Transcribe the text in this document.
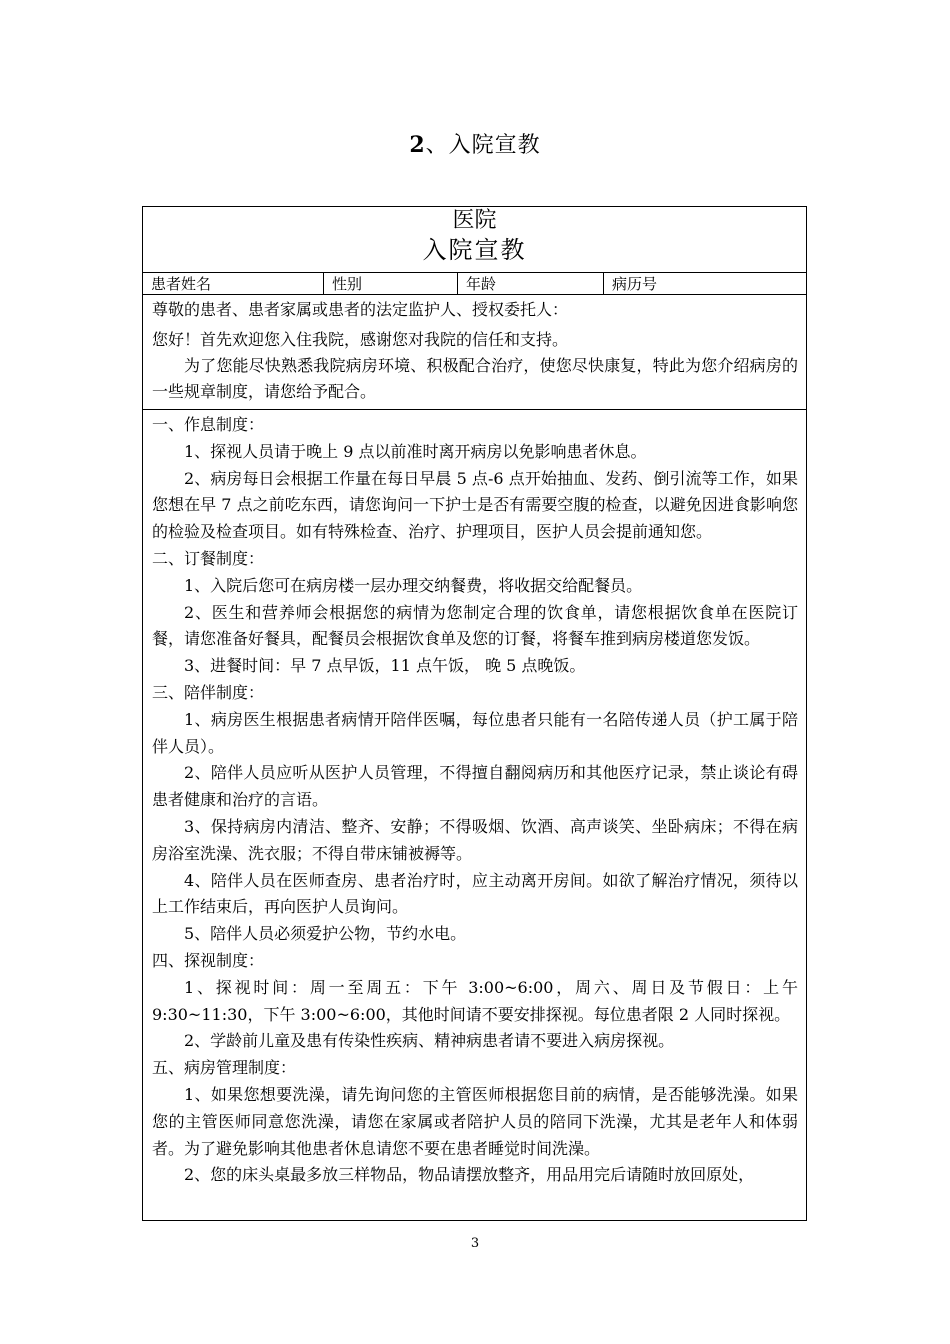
2、入院宣教
医院
入院宣教
患者姓名	性别	年龄	病历号

尊敬的患者、患者家属或患者的法定监护人、授权委托人：

您好！首先欢迎您入住我院，感谢您对我院的信任和支持。

为了您能尽快熟悉我院病房环境、积极配合治疗，使您尽快康复，特此为您介绍病房的一些规章制度，请您给予配合。

一、作息制度：

1、探视人员请于晚上 9 点以前准时离开病房以免影响患者休息。

2、病房每日会根据工作量在每日早晨 5 点-6 点开始抽血、发药、倒引流等工作，如果您想在早 7 点之前吃东西，请您询问一下护士是否有需要空腹的检查，以避免因进食影响您的检验及检查项目。如有特殊检查、治疗、护理项目，医护人员会提前通知您。

二、订餐制度：

1、入院后您可在病房楼一层办理交纳餐费，将收据交给配餐员。

2、医生和营养师会根据您的病情为您制定合理的饮食单，请您根据饮食单在医院订餐，请您准备好餐具，配餐员会根据饮食单及您的订餐，将餐车推到病房楼道您发饭。

3、进餐时间：早 7 点早饭，11 点午饭， 晚 5 点晚饭。

三、陪伴制度：

1、病房医生根据患者病情开陪伴医嘱，每位患者只能有一名陪传递人员（护工属于陪伴人员）。

2、陪伴人员应听从医护人员管理，不得擅自翻阅病历和其他医疗记录，禁止谈论有碍患者健康和治疗的言语。

3、保持病房内清洁、整齐、安静；不得吸烟、饮酒、高声谈笑、坐卧病床；不得在病房浴室洗澡、洗衣服；不得自带床铺被褥等。

4、陪伴人员在医师查房、患者治疗时，应主动离开房间。如欲了解治疗情况，须待以上工作结束后，再向医护人员询问。

5、陪伴人员必须爱护公物，节约水电。

四、探视制度：

1、探视时间：周一至周五：下午 3:00~6:00，周六、周日及节假日：上午 9:30~11:30，下午 3:00~6:00，其他时间请不要安排探视。每位患者限 2 人同时探视。

2、学龄前儿童及患有传染性疾病、精神病患者请不要进入病房探视。

五、病房管理制度：

1、如果您想要洗澡，请先询问您的主管医师根据您目前的病情，是否能够洗澡。如果您的主管医师同意您洗澡，请您在家属或者陪护人员的陪同下洗澡，尤其是老年人和体弱者。为了避免影响其他患者休息请您不要在患者睡觉时间洗澡。

2、您的床头桌最多放三样物品，物品请摆放整齐，用品用完后请随时放回原处，

3
